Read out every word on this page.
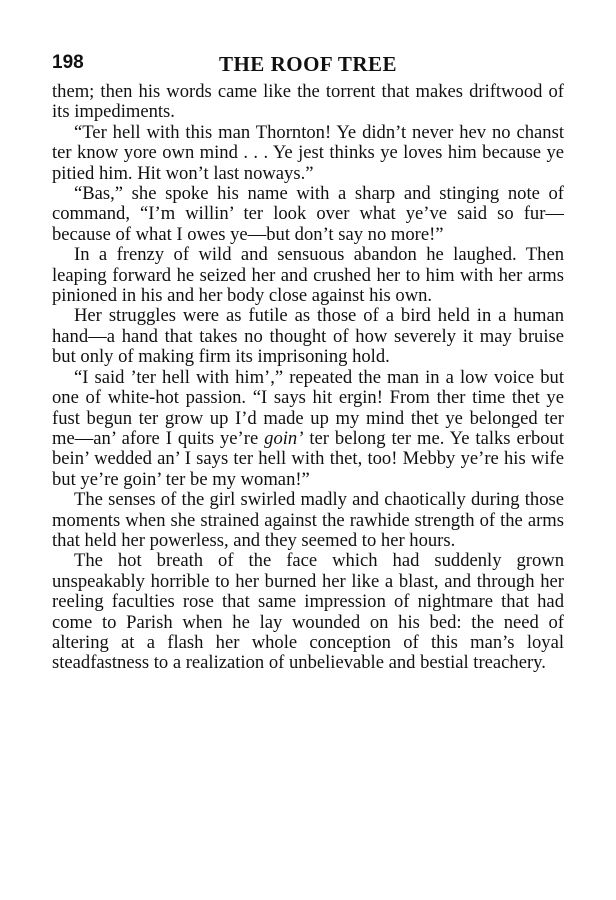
198	THE ROOF TREE

them; then his words came like the torrent that makes driftwood of its impediments.

“Ter hell with this man Thornton! Ye didn’t never hev no chanst ter know yore own mind . . . Ye jest thinks ye loves him because ye pitied him. Hit won’t last noways.”

“Bas,” she spoke his name with a sharp and stinging note of command, “I’m willin’ ter look over what ye’ve said so fur—because of what I owes ye—but don’t say no more!”

In a frenzy of wild and sensuous abandon he laughed. Then leaping forward he seized her and crushed her to him with her arms pinioned in his and her body close against his own.

Her struggles were as futile as those of a bird held in a human hand—a hand that takes no thought of how severely it may bruise but only of making firm its imprisoning hold.

“I said ’ter hell with him’,” repeated the man in a low voice but one of white-hot passion. “I says hit ergin! From ther time thet ye fust begun ter grow up I’d made up my mind thet ye belonged ter me—an’ afore I quits ye’re goin’ ter belong ter me. Ye talks erbout bein’ wedded an’ I says ter hell with thet, too! Mebby ye’re his wife but ye’re goin’ ter be my woman!”

The senses of the girl swirled madly and chaotically during those moments when she strained against the rawhide strength of the arms that held her powerless, and they seemed to her hours.

The hot breath of the face which had suddenly grown unspeakably horrible to her burned her like a blast, and through her reeling faculties rose that same impression of nightmare that had come to Parish when he lay wounded on his bed: the need of altering at a flash her whole conception of this man’s loyal steadfastness to a realization of unbelievable and bestial treachery.
